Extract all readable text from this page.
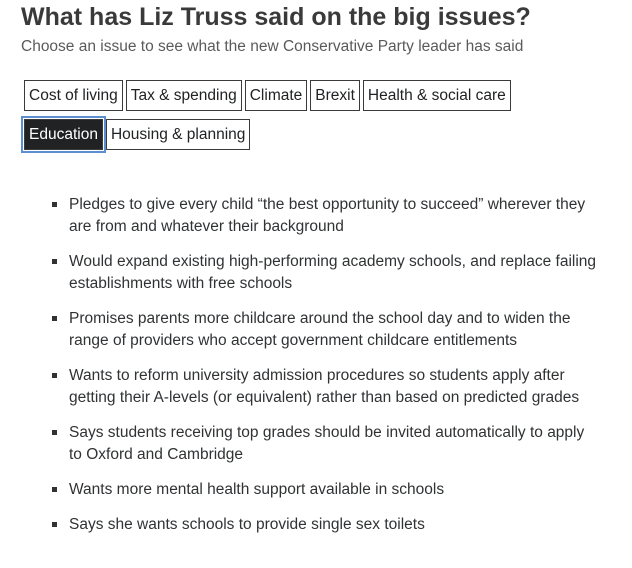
What has Liz Truss said on the big issues?

Choose an issue to see what the new Conservative Party leader has said

Cost of living Tax & spending Climate Brexit Health & social care
Education Housing & planning
Pledges to give every child “the best opportunity to succeed” wherever they are from and whatever their background
Would expand existing high-performing academy schools, and replace failing establishments with free schools
Promises parents more childcare around the school day and to widen the range of providers who accept government childcare entitlements
Wants to reform university admission procedures so students apply after getting their A-levels (or equivalent) rather than based on predicted grades
Says students receiving top grades should be invited automatically to apply to Oxford and Cambridge
Wants more mental health support available in schools
Says she wants schools to provide single sex toilets
